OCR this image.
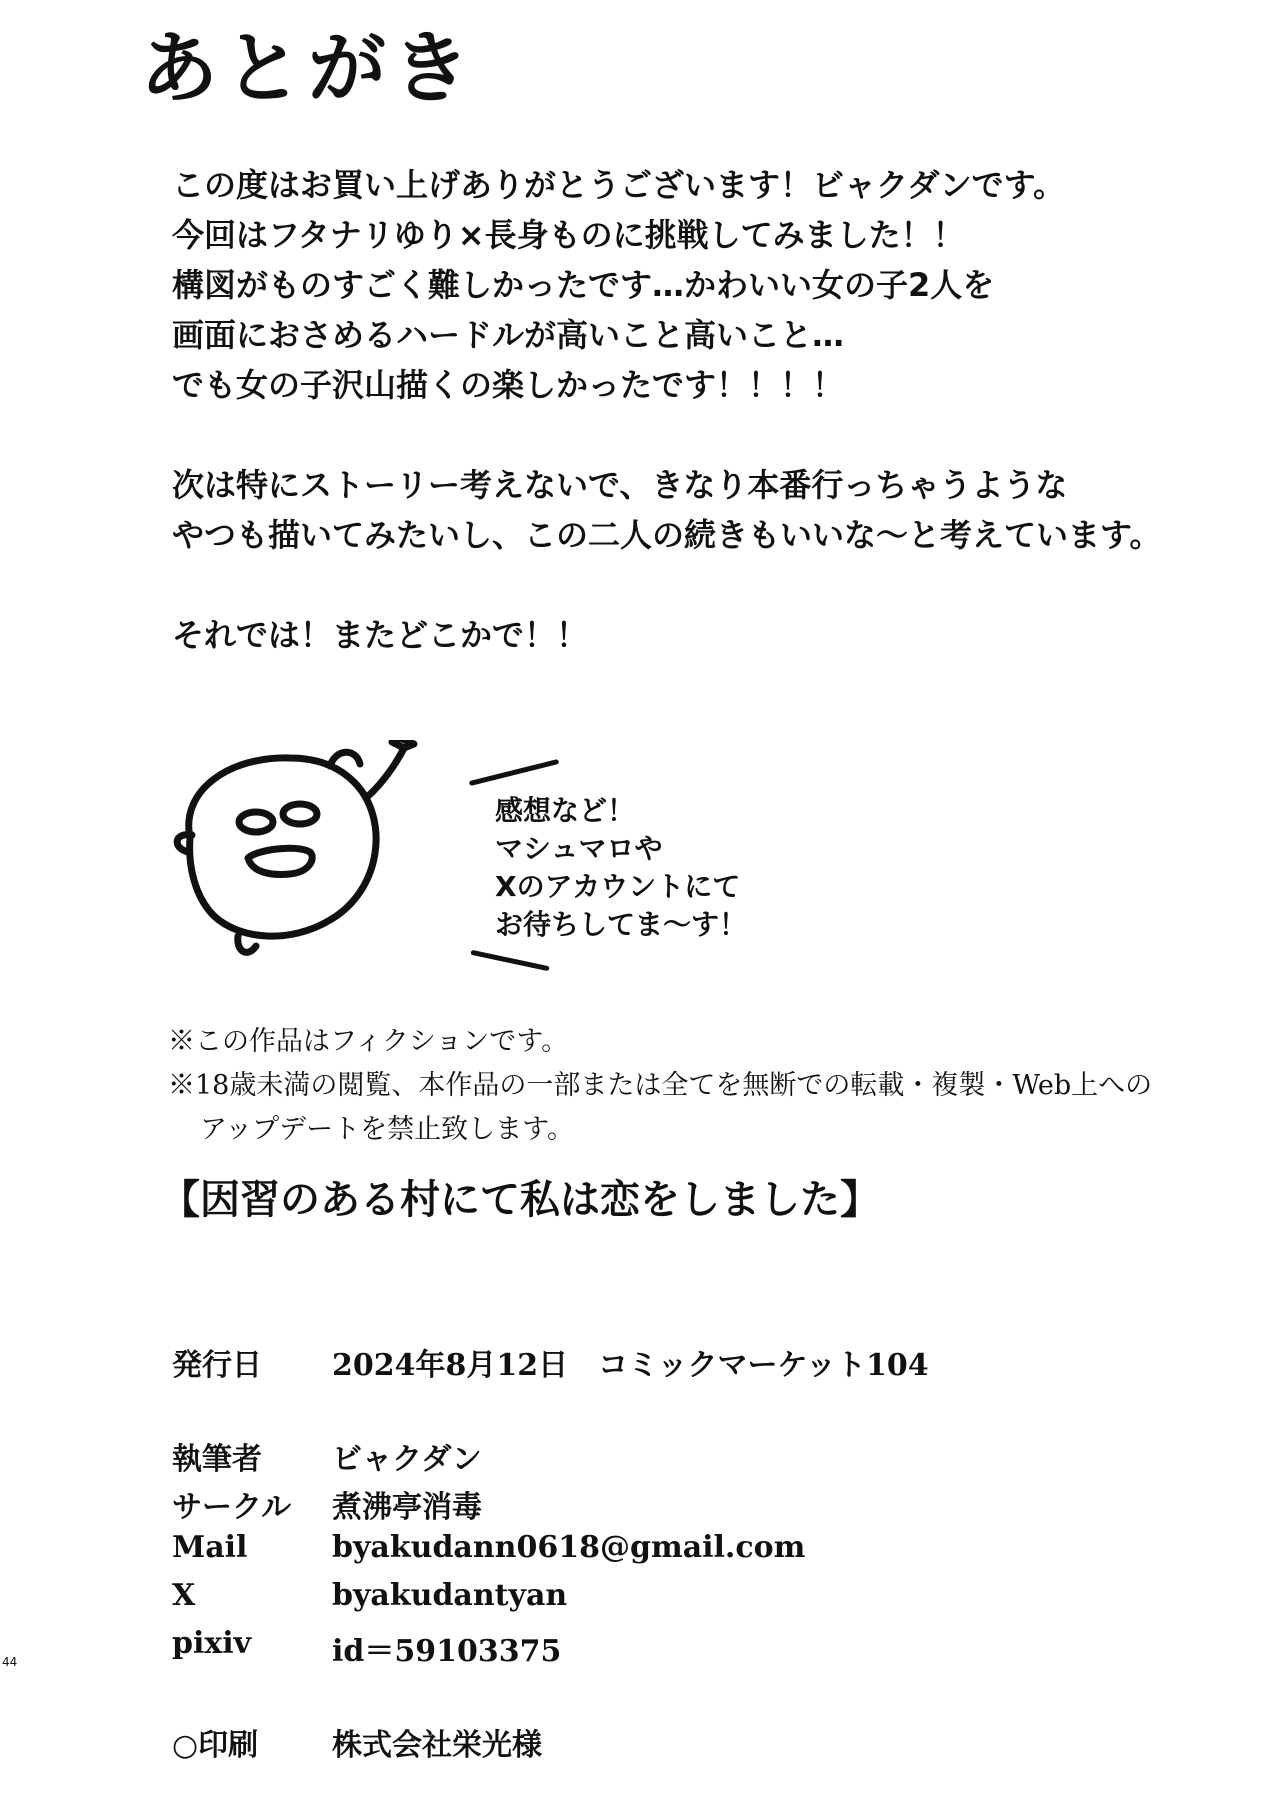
あとがき
この度はお買い上げありがとうございます！ビャクダンです。
今回はフタナリゆり×長身ものに挑戦してみました！！
構図がものすごく難しかったです…かわいい女の子2人を
画面におさめるハードルが高いこと高いこと…
でも女の子沢山描くの楽しかったです！！！！
次は特にストーリー考えないで、きなり本番行っちゃうような
やつも描いてみたいし、この二人の続きもいいな〜と考えています。
それでは！またどこかで！！
感想など！
マシュマロや
Xのアカウントにて
お待ちしてま〜す！
※この作品はフィクションです。
※18歳未満の閲覧、本作品の一部または全てを無断での転載・複製・Web上への
アップデートを禁止致します。
【因習のある村にて私は恋をしました】
発行日 2024年8月12日　コミックマーケット104
執筆者 ビャクダン
サークル 煮沸亭消毒
Mail	byakudann0618@gmail.com
X	byakudantyan
pixiv	id＝59103375
○印刷 株式会社栄光様
44
